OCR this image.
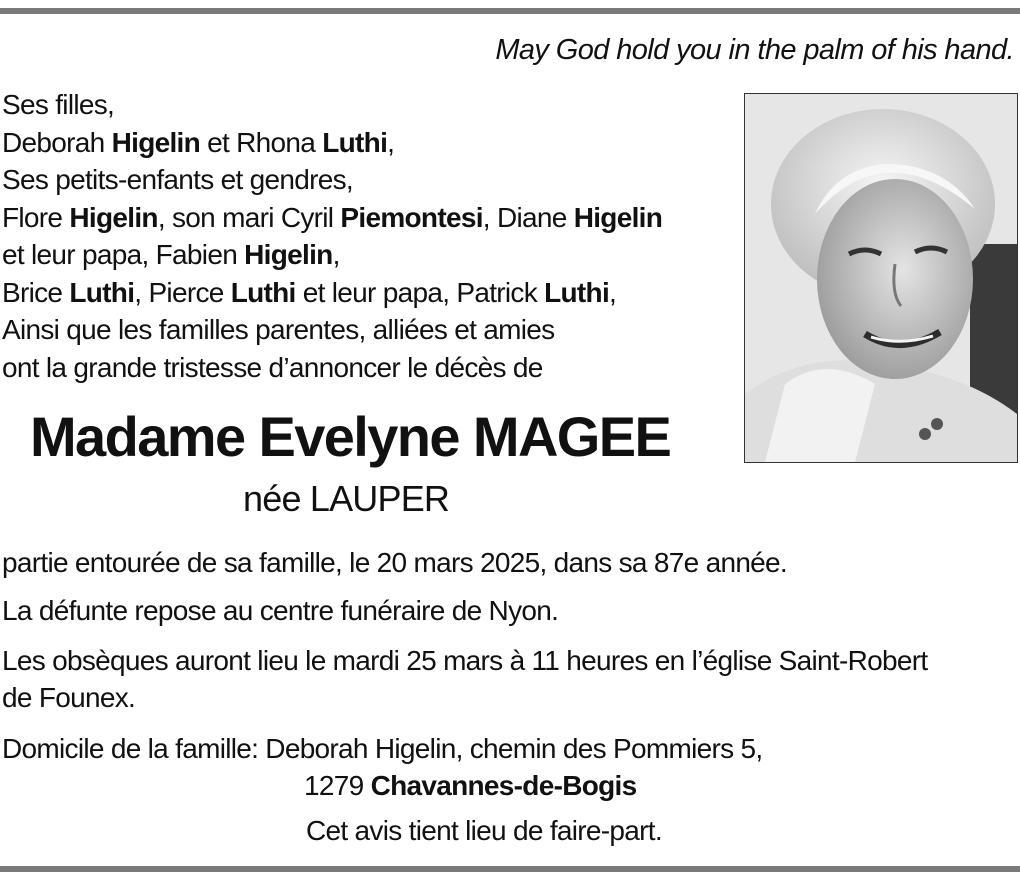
May God hold you in the palm of his hand.
Ses filles,
Deborah Higelin et Rhona Luthi,
Ses petits-enfants et gendres,
Flore Higelin, son mari Cyril Piemontesi, Diane Higelin
et leur papa, Fabien Higelin,
Brice Luthi, Pierce Luthi et leur papa, Patrick Luthi,
Ainsi que les familles parentes, alliées et amies
ont la grande tristesse d’annoncer le décès de
Madame Evelyne MAGEE
née LAUPER
partie entourée de sa famille, le 20 mars 2025, dans sa 87e année.
La défunte repose au centre funéraire de Nyon.
Les obsèques auront lieu le mardi 25 mars à 11 heures en l’église Saint-Robert
de Founex.
Domicile de la famille: Deborah Higelin, chemin des Pommiers 5,
1279 Chavannes-de-Bogis
Cet avis tient lieu de faire-part.
